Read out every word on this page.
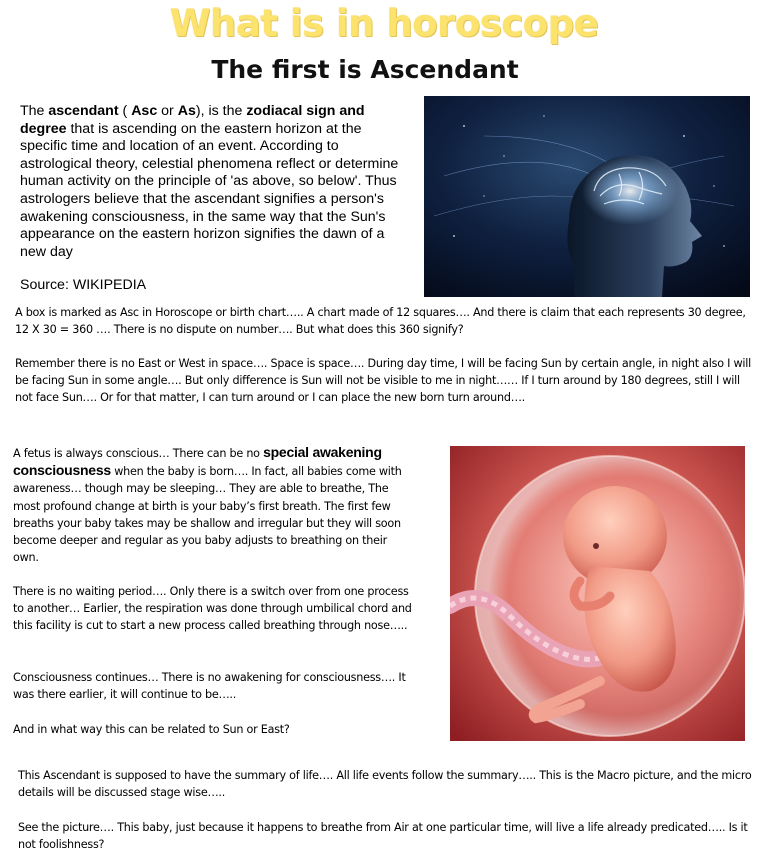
What is in horoscope
The first is Ascendant

The ascendant ( Asc or As), is the zodiacal sign and degree that is ascending on the eastern horizon at the specific time and location of an event. According to astrological theory, celestial phenomena reflect or determine human activity on the principle of 'as above, so below'. Thus astrologers believe that the ascendant signifies a person's awakening consciousness, in the same way that the Sun's appearance on the eastern horizon signifies the dawn of a new day

Source: WIKIPEDIA

A box is marked as Asc in Horoscope or birth chart….. A chart made of 12 squares…. And there is claim that each represents 30 degree, 12 X 30 = 360 …. There is no dispute on number…. But what does this 360 signify?

Remember there is no East or West in space…. Space is space…. During day time, I will be facing Sun by certain angle, in night also I will be facing Sun in some angle…. But only difference is Sun will not be visible to me in night…… If I turn around by 180 degrees, still I will not face Sun…. Or for that matter, I can turn around or I can place the new born turn around….

A fetus is always conscious… There can be no special awakening consciousness when the baby is born…. In fact, all babies come with awareness… though may be sleeping… They are able to breathe, The most profound change at birth is your baby’s first breath. The first few breaths your baby takes may be shallow and irregular but they will soon become deeper and regular as you baby adjusts to breathing on their own.

There is no waiting period…. Only there is a switch over from one process to another… Earlier, the respiration was done through umbilical chord and this facility is cut to start a new process called breathing through nose…..

Consciousness continues… There is no awakening for consciousness…. It was there earlier, it will continue to be…..

And in what way this can be related to Sun or East?

This Ascendant is supposed to have the summary of life…. All life events follow the summary….. This is the Macro picture, and the micro details will be discussed stage wise…..

See the picture…. This baby, just because it happens to breathe from Air at one particular time, will live a life already predicated….. Is it not foolishness?
